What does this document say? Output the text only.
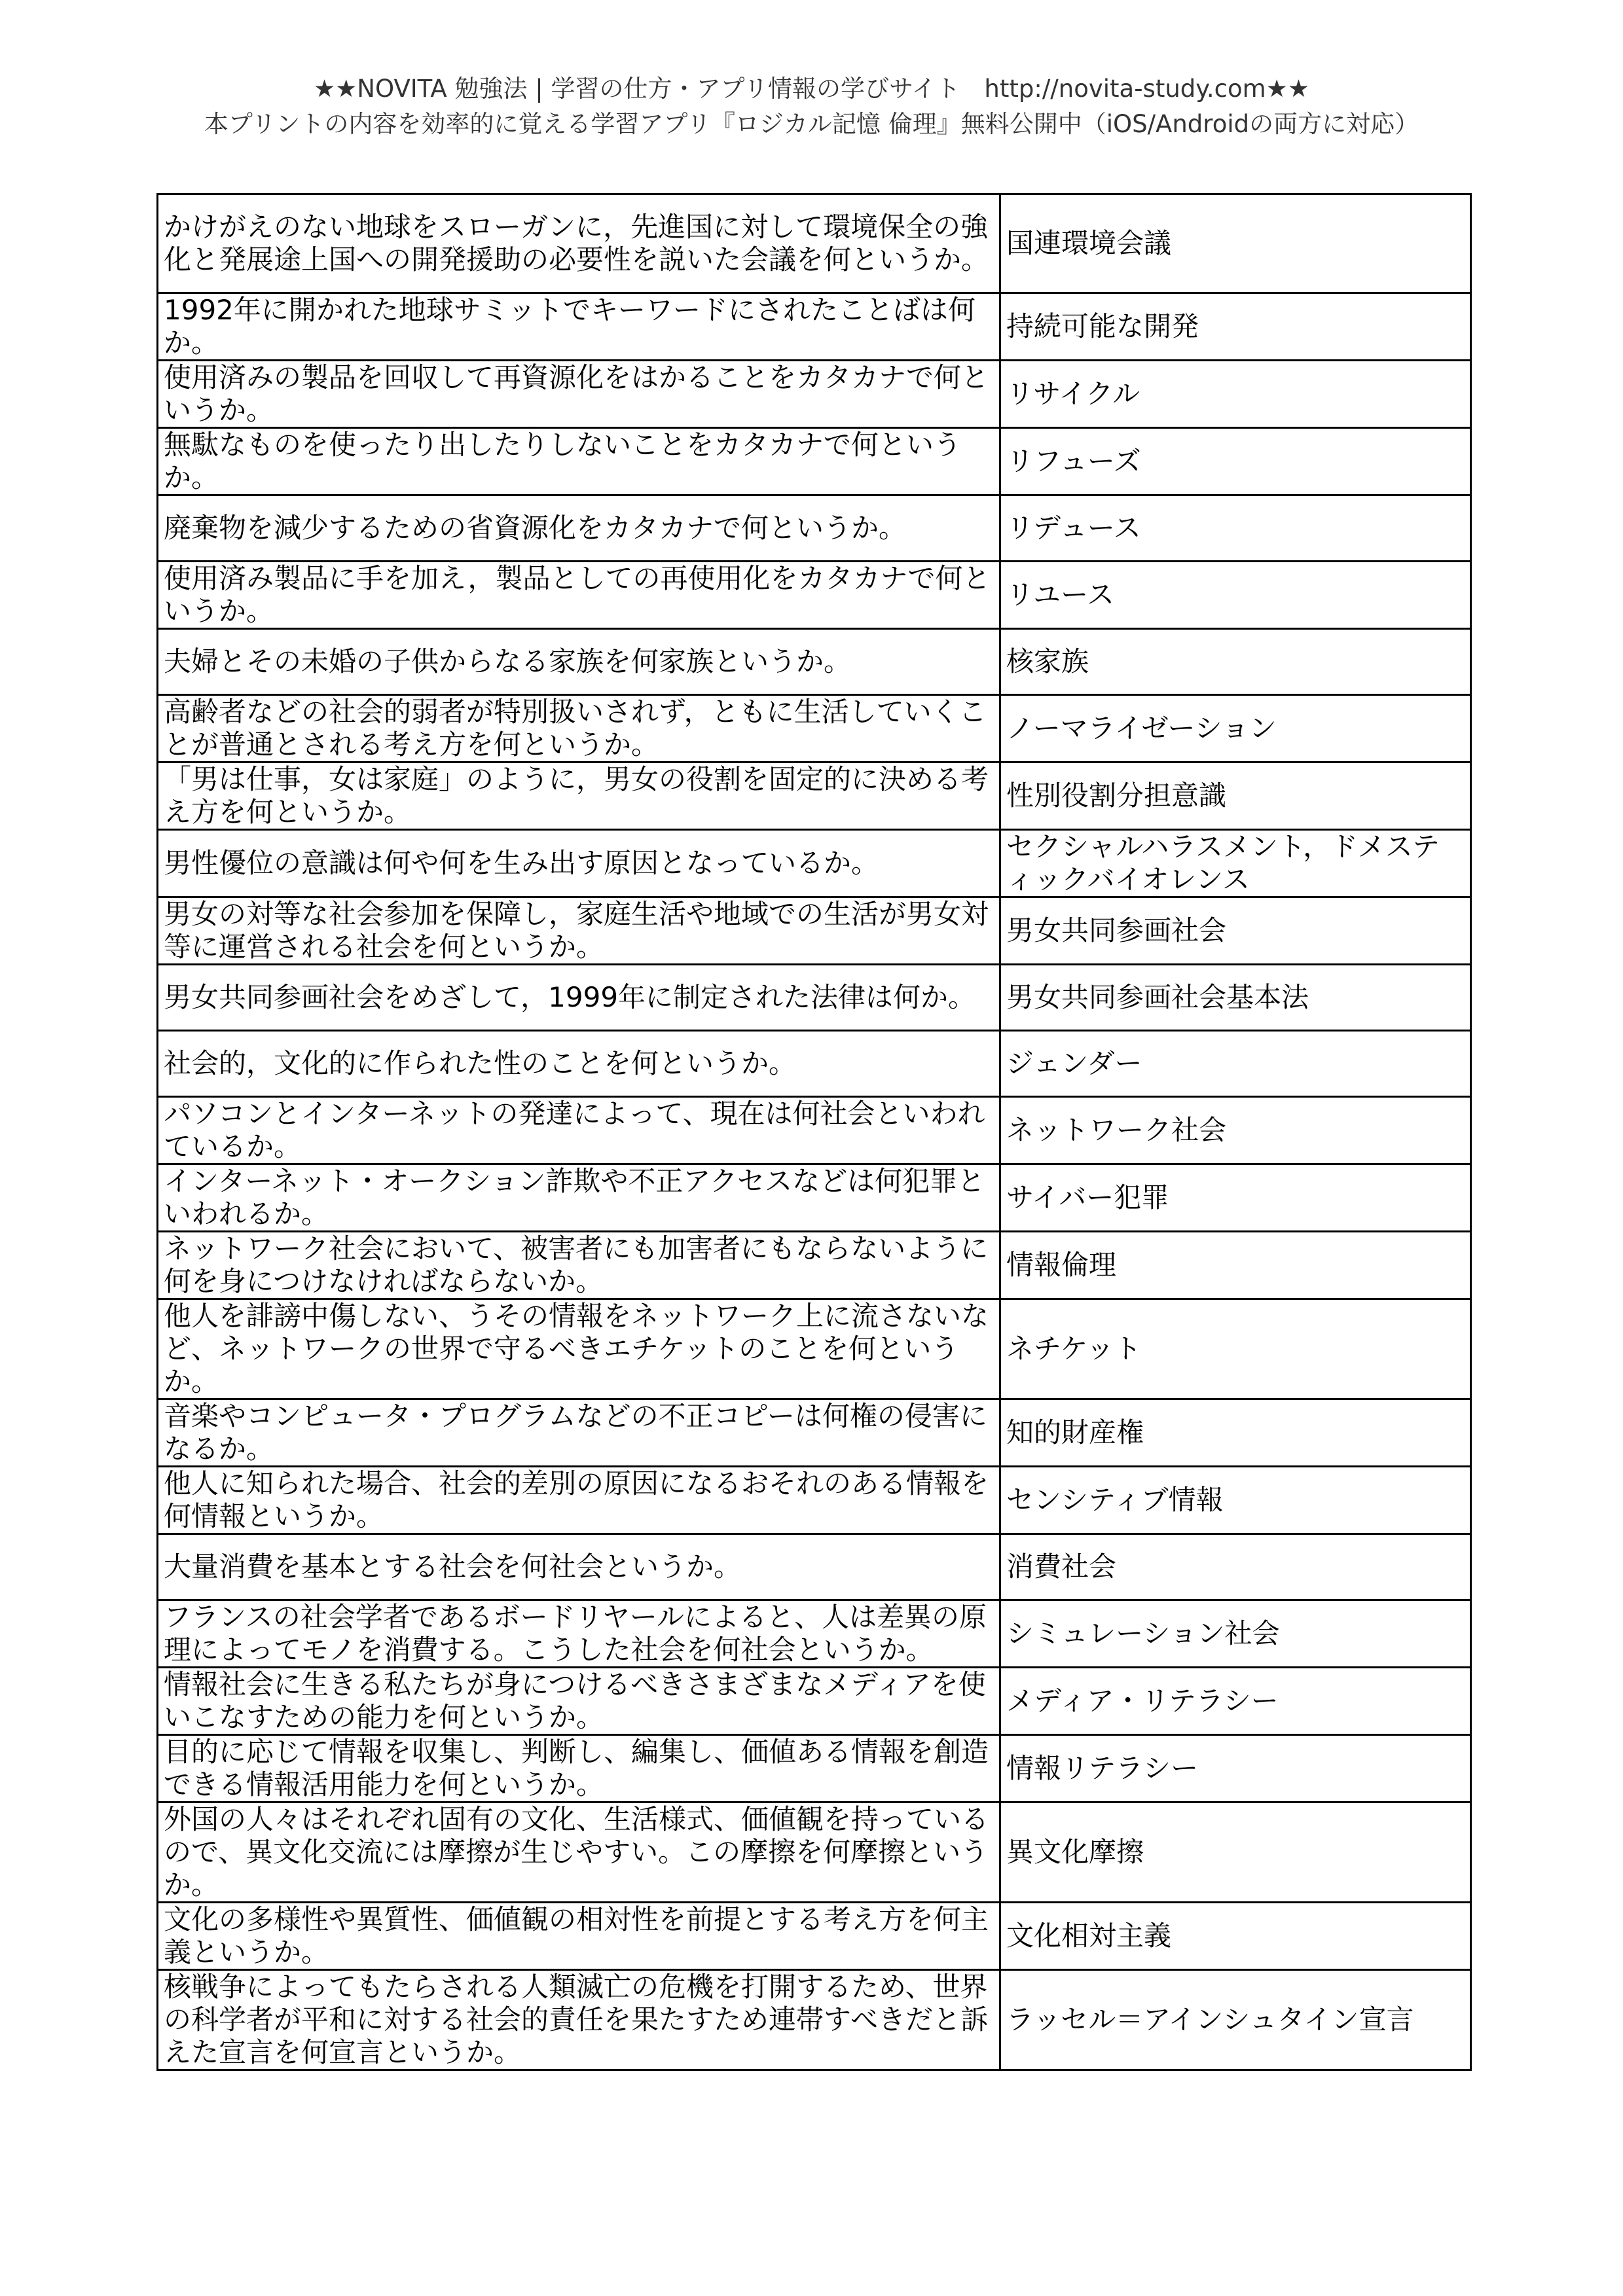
★★NOVITA 勉強法 | 学習の仕方・アプリ情報の学びサイト　http://novita-study.com★★
本プリントの内容を効率的に覚える学習アプリ『ロジカル記憶 倫理』無料公開中（iOS/Androidの両方に対応）
かけがえのない地球をスローガンに，先進国に対して環境保全の強化と発展途上国への開発援助の必要性を説いた会議を何というか。	国連環境会議
1992年に開かれた地球サミットでキーワードにされたことばは何か。	持続可能な開発
使用済みの製品を回収して再資源化をはかることをカタカナで何というか。	リサイクル
無駄なものを使ったり出したりしないことをカタカナで何というか。	リフューズ
廃棄物を減少するための省資源化をカタカナで何というか。	リデュース
使用済み製品に手を加え，製品としての再使用化をカタカナで何というか。	リユース
夫婦とその未婚の子供からなる家族を何家族というか。	核家族
高齢者などの社会的弱者が特別扱いされず，ともに生活していくことが普通とされる考え方を何というか。	ノーマライゼーション
「男は仕事，女は家庭」のように，男女の役割を固定的に決める考え方を何というか。	性別役割分担意識
男性優位の意識は何や何を生み出す原因となっているか。	セクシャルハラスメント，ドメスティックバイオレンス
男女の対等な社会参加を保障し，家庭生活や地域での生活が男女対等に運営される社会を何というか。	男女共同参画社会
男女共同参画社会をめざして，1999年に制定された法律は何か。	男女共同参画社会基本法
社会的，文化的に作られた性のことを何というか。	ジェンダー
パソコンとインターネットの発達によって、現在は何社会といわれているか。	ネットワーク社会
インターネット・オークション詐欺や不正アクセスなどは何犯罪といわれるか。	サイバー犯罪
ネットワーク社会において、被害者にも加害者にもならないように何を身につけなければならないか。	情報倫理
他人を誹謗中傷しない、うその情報をネットワーク上に流さないなど、ネットワークの世界で守るべきエチケットのことを何というか。	ネチケット
音楽やコンピュータ・プログラムなどの不正コピーは何権の侵害になるか。	知的財産権
他人に知られた場合、社会的差別の原因になるおそれのある情報を何情報というか。	センシティブ情報
大量消費を基本とする社会を何社会というか。	消費社会
フランスの社会学者であるボードリヤールによると、人は差異の原理によってモノを消費する。こうした社会を何社会というか。	シミュレーション社会
情報社会に生きる私たちが身につけるべきさまざまなメディアを使いこなすための能力を何というか。	メディア・リテラシー
目的に応じて情報を収集し、判断し、編集し、価値ある情報を創造できる情報活用能力を何というか。	情報リテラシー
外国の人々はそれぞれ固有の文化、生活様式、価値観を持っているので、異文化交流には摩擦が生じやすい。この摩擦を何摩擦というか。	異文化摩擦
文化の多様性や異質性、価値観の相対性を前提とする考え方を何主義というか。	文化相対主義
核戦争によってもたらされる人類滅亡の危機を打開するため、世界の科学者が平和に対する社会的責任を果たすため連帯すべきだと訴えた宣言を何宣言というか。	ラッセル＝アインシュタイン宣言
